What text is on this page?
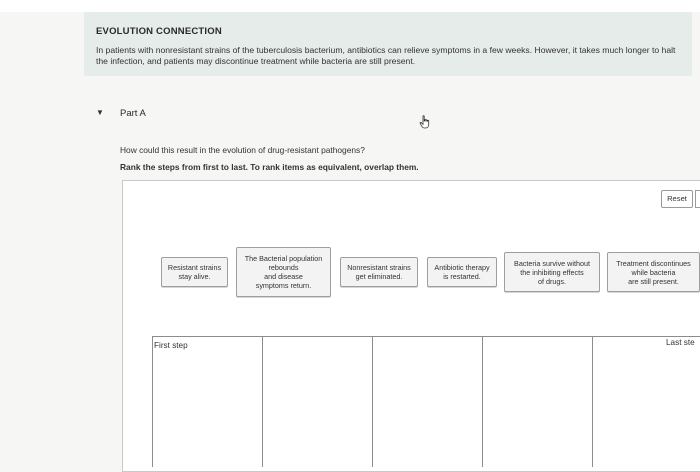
EVOLUTION CONNECTION
In patients with nonresistant strains of the tuberculosis bacterium, antibiotics can relieve symptoms in a few weeks. However, it takes much longer to halt the infection, and patients may discontinue treatment while bacteria are still present.
▼ Part A
How could this result in the evolution of drug-resistant pathogens?
Rank the steps from first to last. To rank items as equivalent, overlap them.
Reset
Resistant strains
stay alive.
The Bacterial population
rebounds
and disease
symptoms return.
Nonresistant strains
get eliminated.
Antibiotic therapy
is restarted.
Bacteria survive without
the inhibiting effects
of drugs.
Treatment discontinues
while bacteria
are still present.
First step	Last ste
